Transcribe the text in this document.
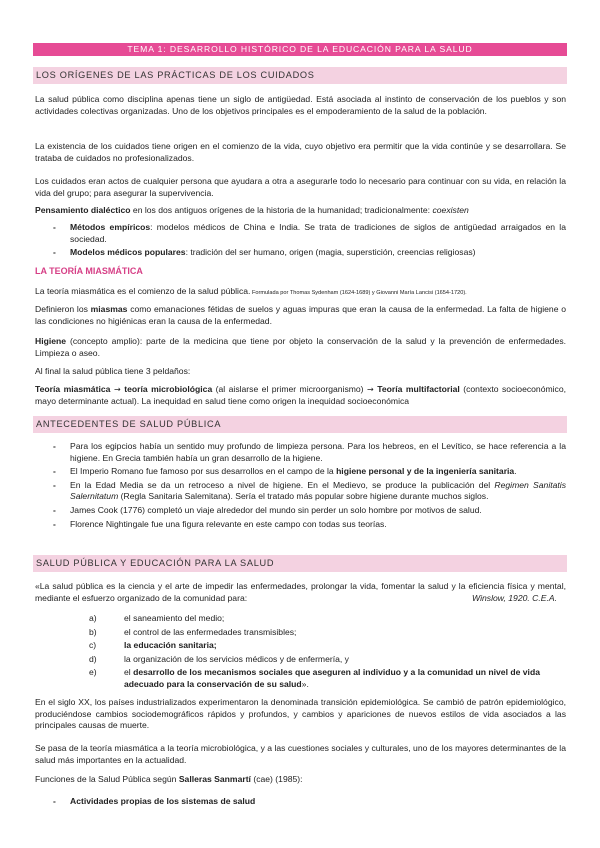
TEMA 1: DESARROLLO HISTÓRICO DE LA EDUCACIÓN PARA LA SALUD
LOS ORÍGENES DE LAS PRÁCTICAS DE LOS CUIDADOS
La salud pública como disciplina apenas tiene un siglo de antigüedad. Está asociada al instinto de conservación de los pueblos y son actividades colectivas organizadas. Uno de los objetivos principales es el empoderamiento de la salud de la población.
La existencia de los cuidados tiene origen en el comienzo de la vida, cuyo objetivo era permitir que la vida continúe y se desarrollara. Se trataba de cuidados no profesionalizados.
Los cuidados eran actos de cualquier persona que ayudara a otra a asegurarle todo lo necesario para continuar con su vida, en relación la vida del grupo; para asegurar la supervivencia.
Pensamiento dialéctico en los dos antiguos orígenes de la historia de la humanidad; tradicionalmente: coexisten
- Métodos empíricos: modelos médicos de China e India. Se trata de tradiciones de siglos de antigüedad arraigados en la sociedad.
- Modelos médicos populares: tradición del ser humano, origen (magia, superstición, creencias religiosas)
LA TEORÍA MIASMÁTICA
La teoría miasmática es el comienzo de la salud pública. Formulada por Thomas Sydenham (1624-1689) y Giovanni María Lancisi (1654-1720).
Definieron los miasmas como emanaciones fétidas de suelos y aguas impuras que eran la causa de la enfermedad. La falta de higiene o las condiciones no higiénicas eran la causa de la enfermedad.
Higiene (concepto amplio): parte de la medicina que tiene por objeto la conservación de la salud y la prevención de enfermedades. Limpieza o aseo.
Al final la salud pública tiene 3 peldaños:
Teoría miasmática → teoría microbiológica (al aislarse el primer microorganismo) → Teoría multifactorial (contexto socioeconómico, mayo determinante actual). La inequidad en salud tiene como origen la inequidad socioeconómica
ANTECEDENTES DE SALUD PÚBLICA
- Para los egipcios había un sentido muy profundo de limpieza persona. Para los hebreos, en el Levítico, se hace referencia a la higiene. En Grecia también había un gran desarrollo de la higiene.
- El Imperio Romano fue famoso por sus desarrollos en el campo de la higiene personal y de la ingeniería sanitaria.
- En la Edad Media se da un retroceso a nivel de higiene. En el Medievo, se produce la publicación del Regimen Sanitatis Salernitatum (Regla Sanitaria Salemitana). Sería el tratado más popular sobre higiene durante muchos siglos.
- James Cook (1776) completó un viaje alrededor del mundo sin perder un solo hombre por motivos de salud.
- Florence Nightingale fue una figura relevante en este campo con todas sus teorías.
SALUD PÚBLICA Y EDUCACIÓN PARA LA SALUD
«La salud pública es la ciencia y el arte de impedir las enfermedades, prolongar la vida, fomentar la salud y la eficiencia física y mental, mediante el esfuerzo organizado de la comunidad para:	Winslow, 1920. C.E.A.
a)	el saneamiento del medio;
b)	el control de las enfermedades transmisibles;
c)	la educación sanitaria;
d)	la organización de los servicios médicos y de enfermería, y
e)	el desarrollo de los mecanismos sociales que aseguren al individuo y a la comunidad un nivel de vida adecuado para la conservación de su salud».
En el siglo XX, los países industrializados experimentaron la denominada transición epidemiológica. Se cambió de patrón epidemiológico, produciéndose cambios sociodemográficos rápidos y profundos, y cambios y apariciones de nuevos estilos de vida asociados a las principales causas de muerte.
Se pasa de la teoría miasmática a la teoría microbiológica, y a las cuestiones sociales y culturales, uno de los mayores determinantes de la salud más importantes en la actualidad.
Funciones de la Salud Pública según Salleras Sanmartí (cae) (1985):
- Actividades propias de los sistemas de salud
